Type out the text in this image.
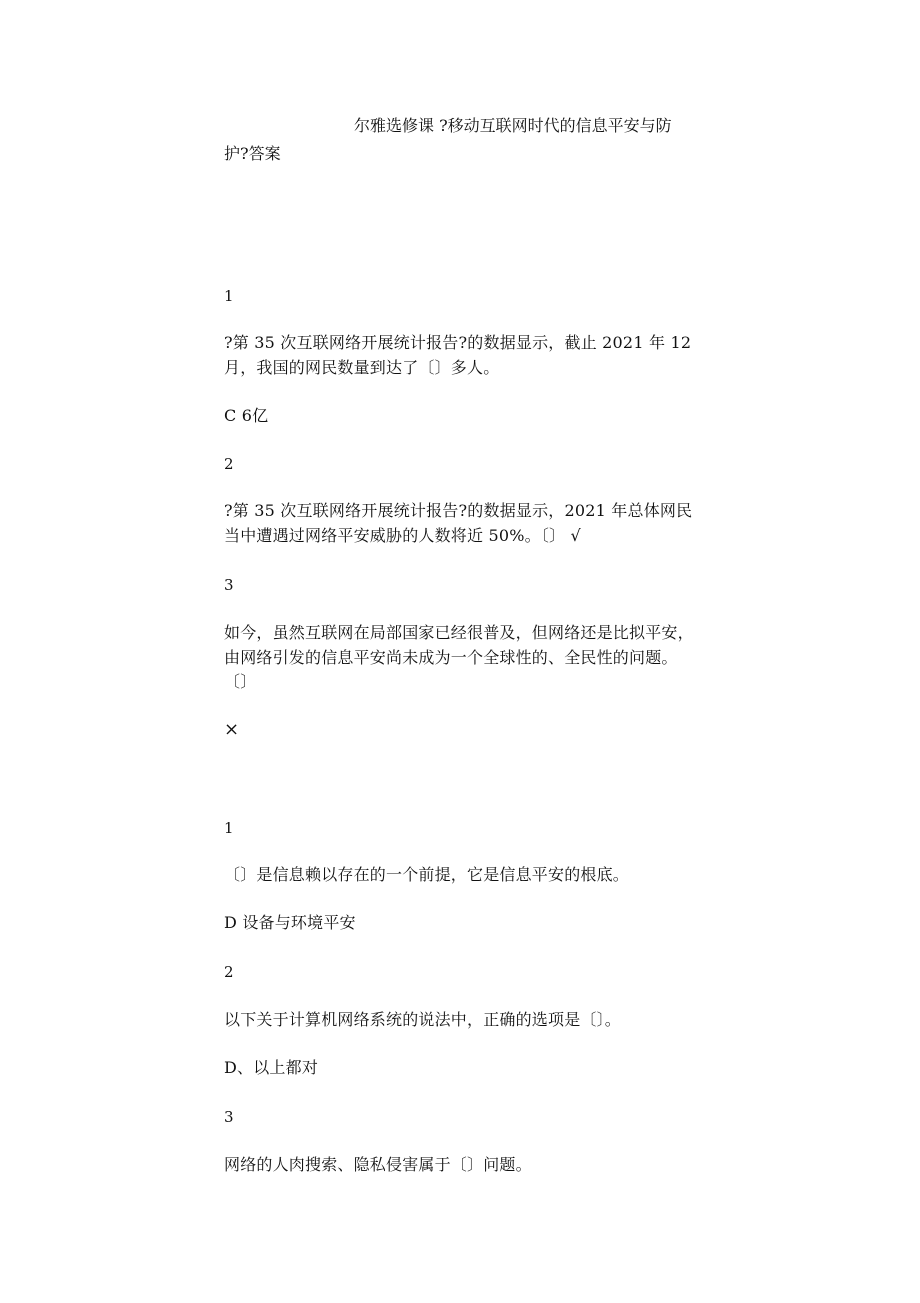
尔雅选修课 ?移动互联网时代的信息平安与防
护?答案
1
?第 35 次互联网络开展统计报告?的数据显示，截止 2021 年 12
月，我国的网民数量到达了〔〕多人。
C 6亿
2
?第 35 次互联网络开展统计报告?的数据显示，2021 年总体网民
当中遭遇过网络平安威胁的人数将近 50%。〔〕 √
3
如今，虽然互联网在局部国家已经很普及，但网络还是比拟平安，
由网络引发的信息平安尚未成为一个全球性的、全民性的问题。
〔〕
×
1
〔〕是信息赖以存在的一个前提，它是信息平安的根底。
D 设备与环境平安
2
以下关于计算机网络系统的说法中，正确的选项是〔〕。
D、以上都对
3
网络的人肉搜索、隐私侵害属于〔〕问题。
